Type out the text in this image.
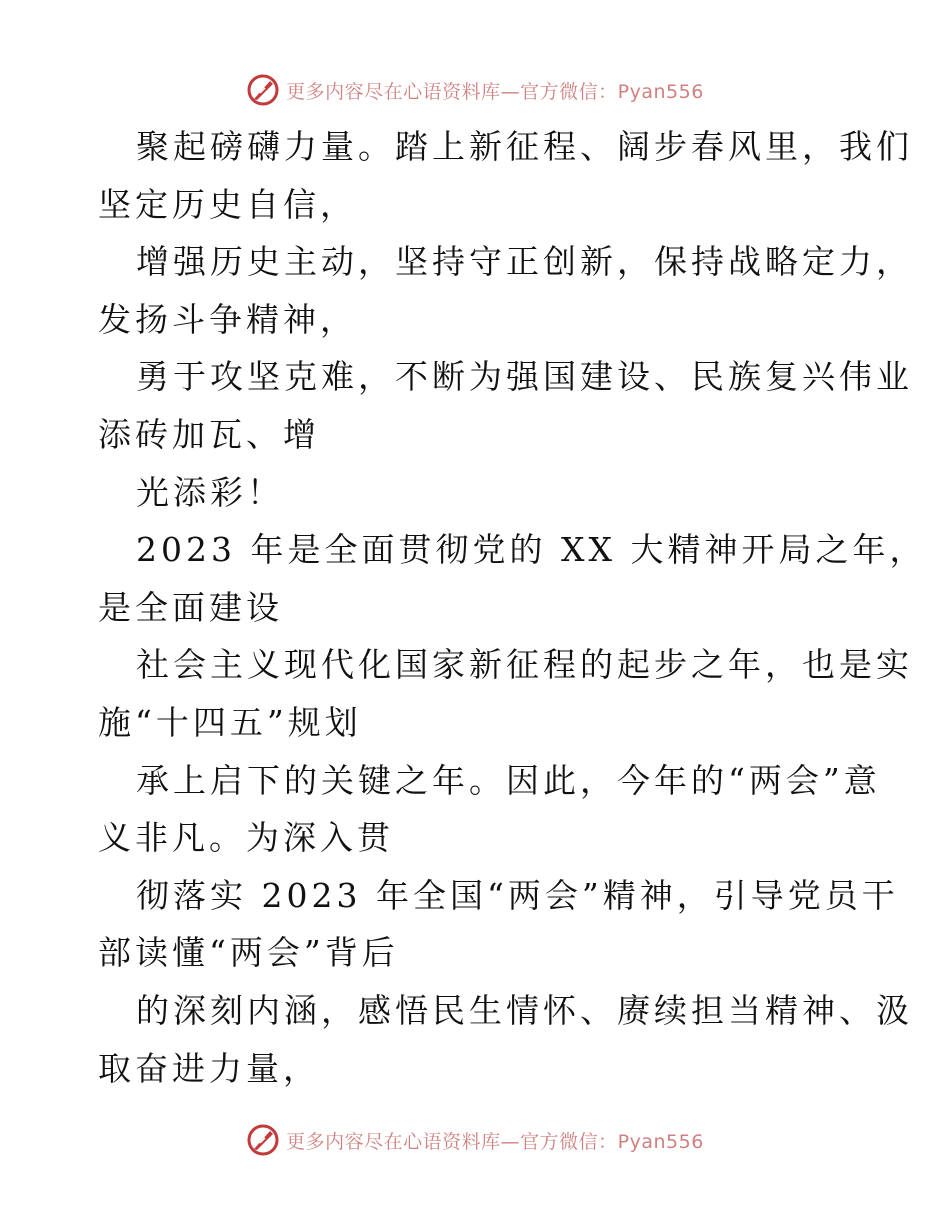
更多内容尽在心语资料库—官方微信：Pyan556
聚起磅礴力量。踏上新征程、阔步春风里，我们
坚定历史自信，
增强历史主动，坚持守正创新，保持战略定力，
发扬斗争精神，
勇于攻坚克难，不断为强国建设、民族复兴伟业
添砖加瓦、增
光添彩！
2023 年是全面贯彻党的 XX 大精神开局之年，
是全面建设
社会主义现代化国家新征程的起步之年，也是实
施“十四五”规划
承上启下的关键之年。因此，今年的“两会”意
义非凡。为深入贯
彻落实 2023 年全国“两会”精神，引导党员干
部读懂“两会”背后
的深刻内涵，感悟民生情怀、赓续担当精神、汲
取奋进力量，
更多内容尽在心语资料库—官方微信：Pyan556
